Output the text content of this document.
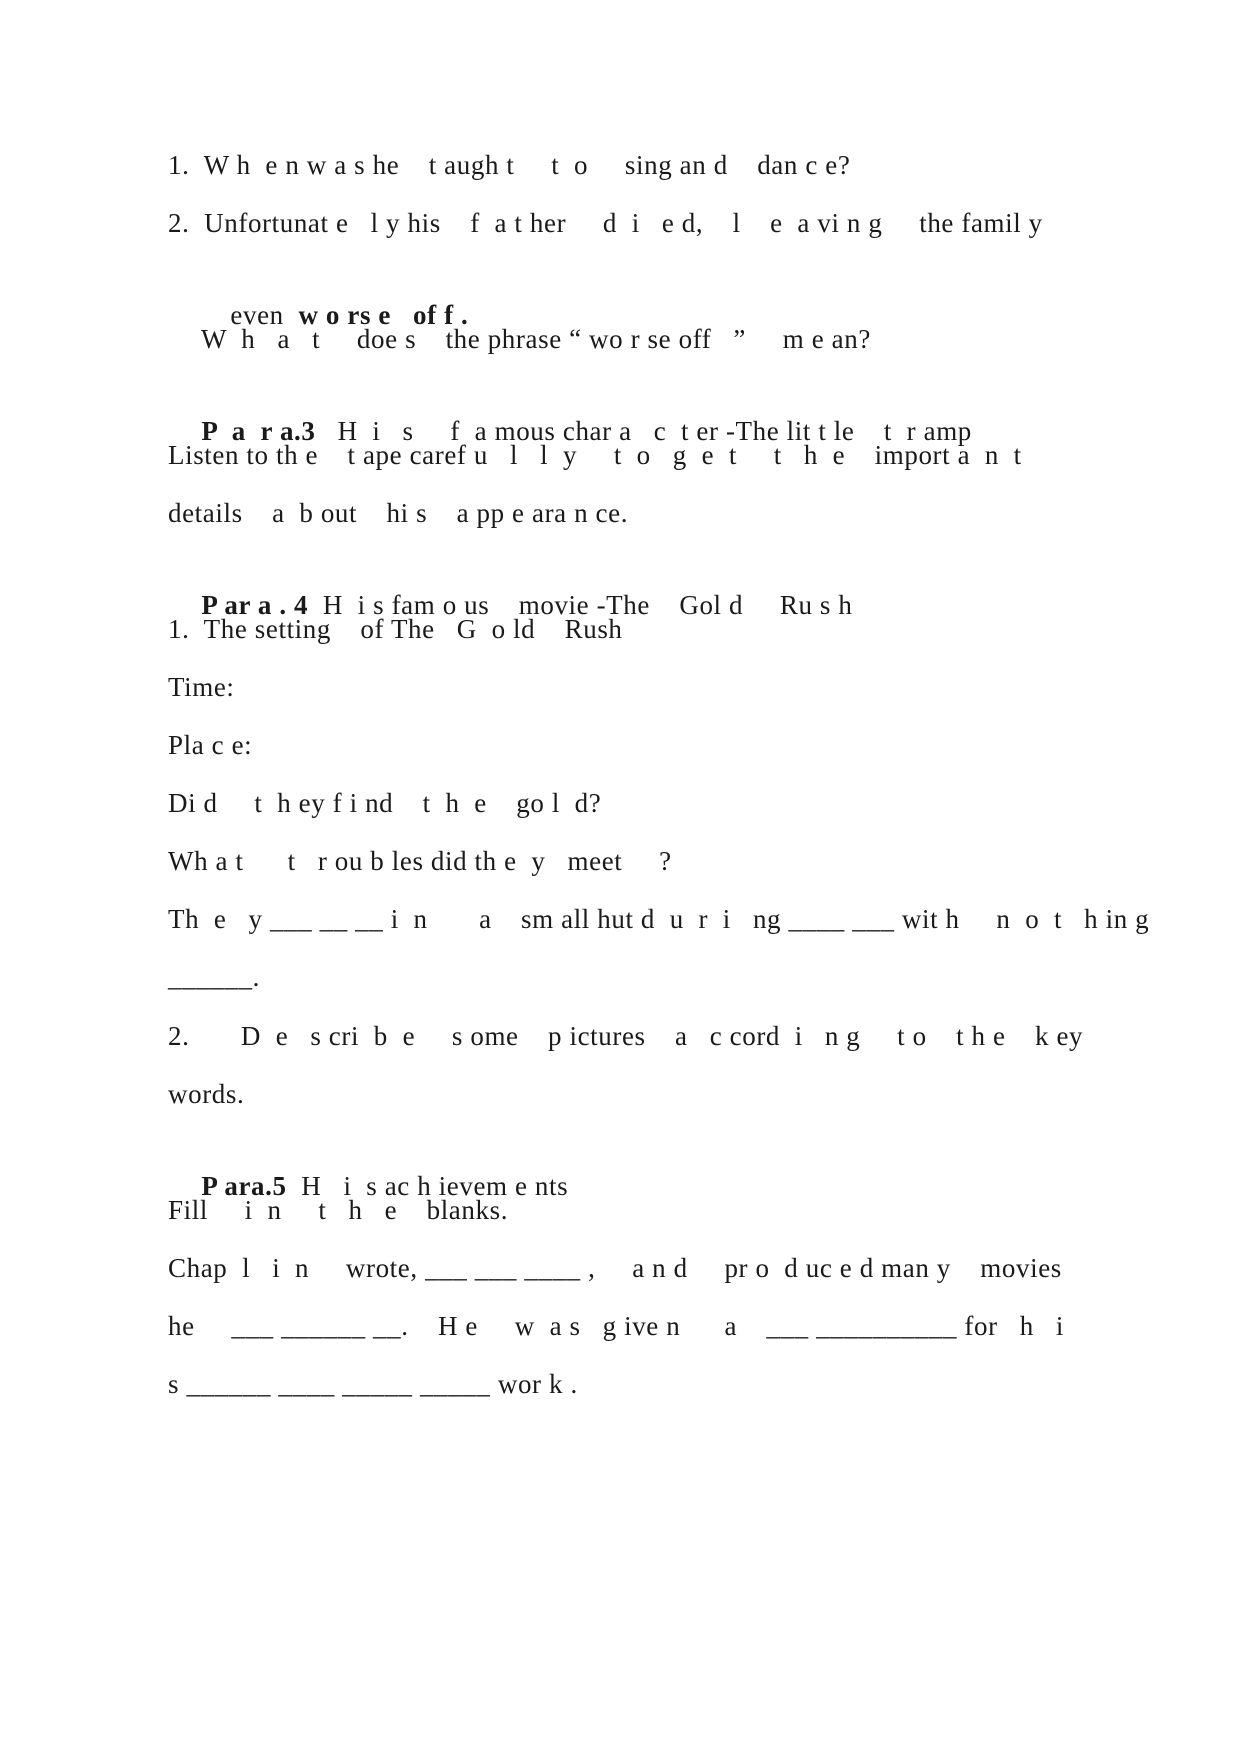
1.  W h  e n w a s he    t augh t     t  o     sing an d    dan c e?
2.  Unfortunat e   l y his    f  a t her     d  i   e d,    l    e  a vi n g     the famil y

even  w o rs e   of f .

W  h   a   t     doe s    the phrase “ wo r se off   ”     m e an?

P  a  r a.3   H  i   s     f  a mous char a   c  t er -The lit t le    t  r amp

Listen to th e    t ape caref u   l   l  y     t  o   g  e  t     t   h  e    import a  n  t
details    a  b out    hi s    a pp e ara n ce.

P ar a . 4  H  i s fam o us    movie -The    Gol d     Ru s h

1.  The setting    of The   G  o ld    Rush
Time:
Pla c e:
Di d     t  h ey f i nd    t  h  e    go l  d?
Wh a t      t   r ou b les did th e  y   meet     ?
Th  e   y ___ __ __ i  n       a    sm all hut d  u  r  i   ng ____ ___ wit h     n  o  t   h in g
______.
2.       D  e   s cri  b  e     s ome    p ictures    a   c cord  i   n g     t o    t h e    k ey
words.

P ara.5  H   i  s ac h ievem e nts

Fill     i  n     t   h   e    blanks.
Chap  l   i  n     wrote, ___ ___ ____ ,     a n d     pr o  d uc e d man y    movies
he     ___ ______ __.    H e     w  a s   g ive n      a    ___ __________ for   h   i
s ______ ____ _____ _____ wor k .
